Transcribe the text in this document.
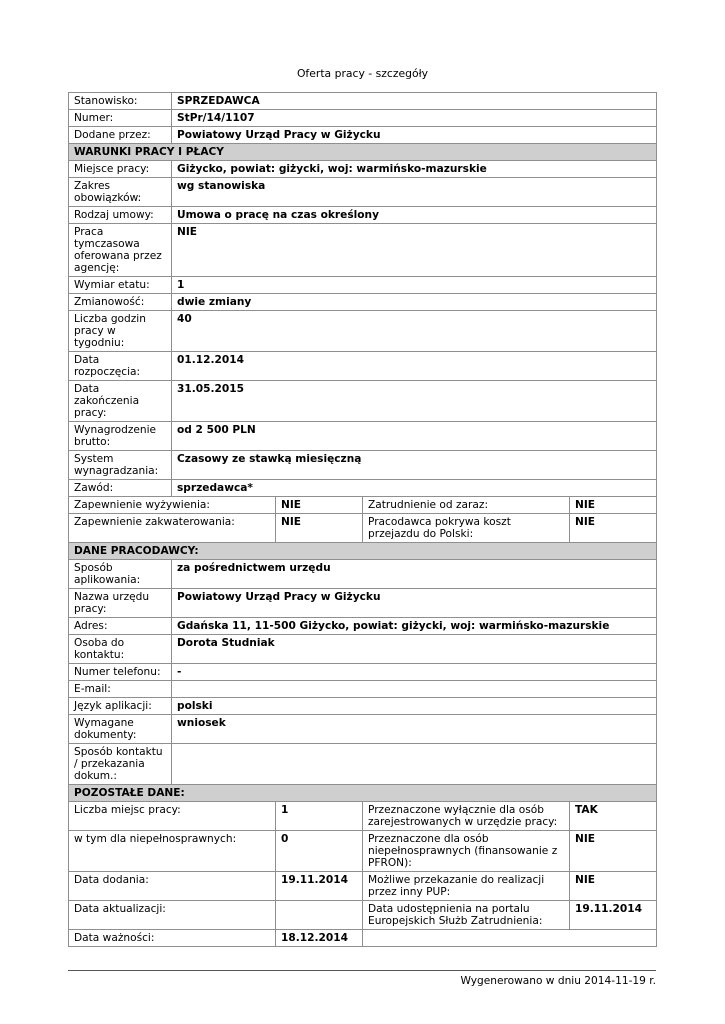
Oferta pracy - szczegóły
Stanowisko:	SPRZEDAWCA			
Numer:	StPr/14/1107			
Dodane przez:	Powiatowy Urząd Pracy w Giżycku			
WARUNKI PRACY I PŁACY				
Miejsce pracy:	Giżycko, powiat: giżycki, woj: warmińsko-mazurskie			
Zakres obowiązków:	wg stanowiska			
Rodzaj umowy:	Umowa o pracę na czas określony			
Praca tymczasowa oferowana przez agencję:	NIE			
Wymiar etatu:	1			
Zmianowość:	dwie zmiany			
Liczba godzin pracy w tygodniu:	40			
Data rozpoczęcia:	01.12.2014			
Data zakończenia pracy:	31.05.2015			
Wynagrodzenie brutto:	od 2 500 PLN			
System wynagradzania:	Czasowy ze stawką miesięczną			
Zawód:	sprzedawca*			
Zapewnienie wyżywienia:		NIE	Zatrudnienie od zaraz:	NIE
Zapewnienie zakwaterowania:		NIE	Pracodawca pokrywa koszt przejazdu do Polski:	NIE
DANE PRACODAWCY:				
Sposób aplikowania:	za pośrednictwem urzędu			
Nazwa urzędu pracy:	Powiatowy Urząd Pracy w Giżycku			
Adres:	Gdańska 11, 11-500 Giżycko, powiat: giżycki, woj: warmińsko-mazurskie			
Osoba do kontaktu:	Dorota Studniak			
Numer telefonu:	-			
E-mail:				
Język aplikacji:	polski			
Wymagane dokumenty:	wniosek			
Sposób kontaktu / przekazania dokum.:				
POZOSTAŁE DANE:				
Liczba miejsc pracy:		1	Przeznaczone wyłącznie dla osób zarejestrowanych w urzędzie pracy:	TAK
w tym dla niepełnosprawnych:		0	Przeznaczone dla osób niepełnosprawnych (finansowanie z PFRON):	NIE
Data dodania:		19.11.2014	Możliwe przekazanie do realizacji przez inny PUP:	NIE
Data aktualizacji:			Data udostępnienia na portalu Europejskich Służb Zatrudnienia:	19.11.2014
Data ważności:		18.12.2014		
Wygenerowano w dniu 2014-11-19 r.
